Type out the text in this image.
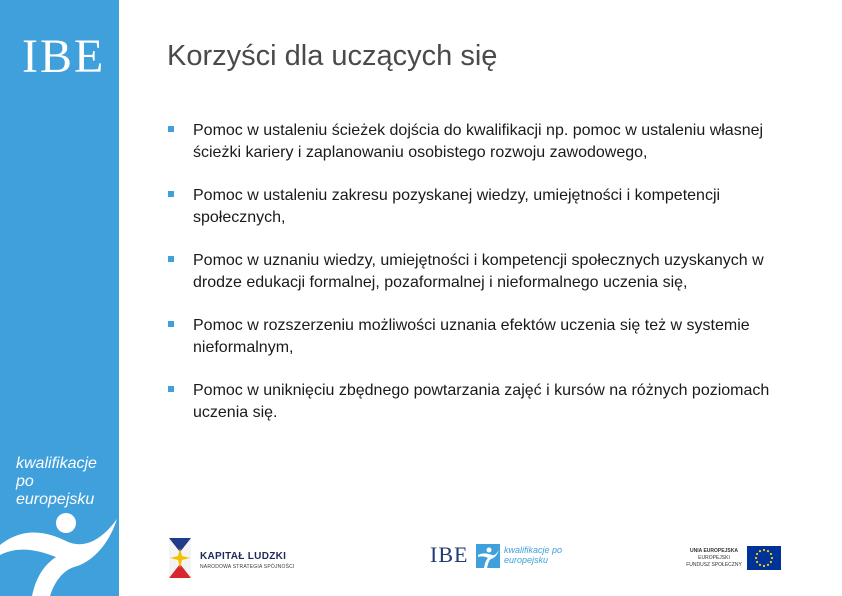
IBE
kwalifikacje
po europejsku
Korzyści dla uczących się
Pomoc w ustaleniu ścieżek dojścia do kwalifikacji np. pomoc w ustaleniu własnej ścieżki kariery i zaplanowaniu osobistego rozwoju zawodowego,
Pomoc w ustaleniu zakresu pozyskanej wiedzy, umiejętności i kompetencji społecznych,
Pomoc w uznaniu wiedzy, umiejętności i kompetencji społecznych uzyskanych w drodze edukacji formalnej, pozaformalnej i nieformalnego uczenia się,
Pomoc w rozszerzeniu możliwości uznania efektów uczenia się też w systemie nieformalnym,
Pomoc w uniknięciu zbędnego powtarzania zajęć i kursów na różnych poziomach uczenia się.
KAPITAŁ LUDZKI
NARODOWA STRATEGIA SPÓJNOŚCI	IBE	kwalifikacje po europejsku
UNIA EUROPEJSKA
EUROPEJSKI
FUNDUSZ SPOŁECZNY
